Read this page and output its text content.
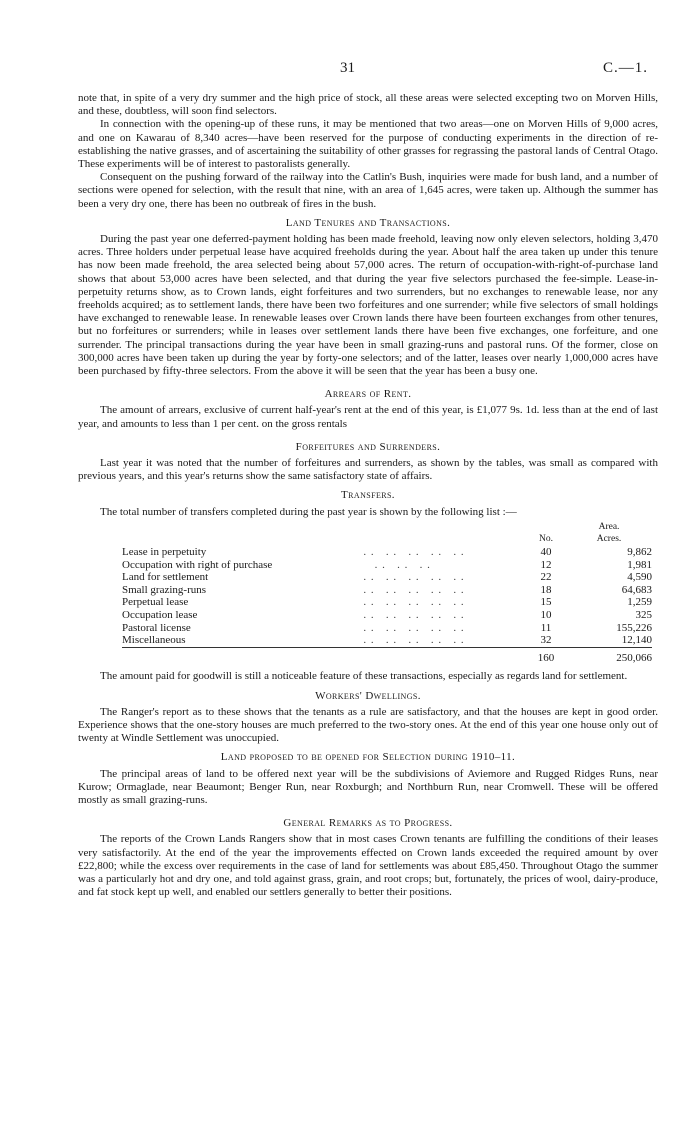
31	C.—1.

note that, in spite of a very dry summer and the high price of stock, all these areas were selected excepting two on Morven Hills, and these, doubtless, will soon find selectors.

In connection with the opening-up of these runs, it may be mentioned that two areas—one on Morven Hills of 9,000 acres, and one on Kawarau of 8,340 acres—have been reserved for the purpose of conducting experiments in the direction of re-establishing the native grasses, and of ascertaining the suitability of other grasses for regrassing the pastoral lands of Central Otago. These experiments will be of interest to pastoralists generally.

Consequent on the pushing forward of the railway into the Catlin's Bush, inquiries were made for bush land, and a number of sections were opened for selection, with the result that nine, with an area of 1,645 acres, were taken up. Although the summer has been a very dry one, there has been no outbreak of fires in the bush.

Land Tenures and Transactions.

During the past year one deferred-payment holding has been made freehold, leaving now only eleven selectors, holding 3,470 acres. Three holders under perpetual lease have acquired freeholds during the year. About half the area taken up under this tenure has now been made freehold, the area selected being about 57,000 acres. The return of occupation-with-right-of-purchase land shows that about 53,000 acres have been selected, and that during the year five selectors purchased the fee-simple. Lease-in-perpetuity returns show, as to Crown lands, eight forfeitures and two surrenders, but no exchanges to renewable lease, nor any freeholds acquired; as to settlement lands, there have been two forfeitures and one surrender; while five selectors of small holdings have exchanged to renewable lease. In renewable leases over Crown lands there have been fourteen exchanges from other tenures, but no forfeitures or surrenders; while in leases over settlement lands there have been five exchanges, one forfeiture, and one surrender. The principal transactions during the year have been in small grazing-runs and pastoral runs. Of the former, close on 300,000 acres have been taken up during the year by forty-one selectors; and of the latter, leases over nearly 1,000,000 acres have been purchased by fifty-three selectors. From the above it will be seen that the year has been a busy one.

Arrears of Rent.

The amount of arrears, exclusive of current half-year's rent at the end of this year, is £1,077 9s. 1d. less than at the end of last year, and amounts to less than 1 per cent. on the gross rentals

Forfeitures and Surrenders.

Last year it was noted that the number of forfeitures and surrenders, as shown by the tables, was small as compared with previous years, and this year's returns show the same satisfactory state of affairs.

Transfers.

The total number of transfers completed during the past year is shown by the following list :—

		No.	Area.
Acres.
Lease in perpetuity	. .   . .   . .   . .   . .	40	9,862
Occupation with right of purchase	. .   . .   . .	12	1,981
Land for settlement	. .   . .   . .   . .   . .	22	4,590
Small grazing-runs	. .   . .   . .   . .   . .	18	64,683
Perpetual lease	. .   . .   . .   . .   . .	15	1,259
Occupation lease	. .   . .   . .   . .   . .	10	325
Pastoral license	. .   . .   . .   . .   . .	11	155,226
Miscellaneous	. .   . .   . .   . .   . .	32	12,140
		160	250,066

The amount paid for goodwill is still a noticeable feature of these transactions, especially as regards land for settlement.

Workers' Dwellings.

The Ranger's report as to these shows that the tenants as a rule are satisfactory, and that the houses are kept in good order. Experience shows that the one-story houses are much preferred to the two-story ones. At the end of this year one house only out of twenty at Windle Settlement was unoccupied.

Land proposed to be opened for Selection during 1910–11.

The principal areas of land to be offered next year will be the subdivisions of Aviemore and Rugged Ridges Runs, near Kurow; Ormaglade, near Beaumont; Benger Run, near Roxburgh; and Northburn Run, near Cromwell. These will be offered mostly as small grazing-runs.

General Remarks as to Progress.

The reports of the Crown Lands Rangers show that in most cases Crown tenants are fulfilling the conditions of their leases very satisfactorily. At the end of the year the improvements effected on Crown lands exceeded the required amount by over £22,800; while the excess over requirements in the case of land for settlements was about £85,450. Throughout Otago the summer was a particularly hot and dry one, and told against grass, grain, and root crops; but, fortunately, the prices of wool, dairy-produce, and fat stock kept up well, and enabled our settlers generally to better their positions.
